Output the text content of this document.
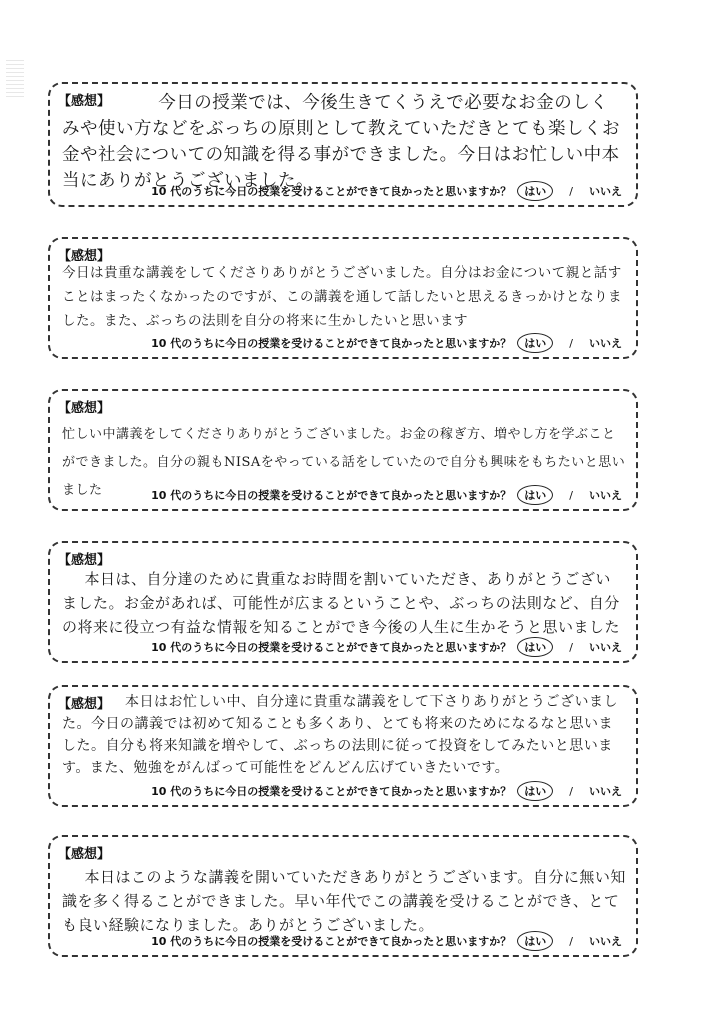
【感想】	今日の授業では、今後生きてくうえで必要なお金のしくみや使い方などをぶっちの原則として教えていただきとても楽しくお金や社会についての知識を得る事ができました。今日はお忙しい中本当にありがとうございました。
10 代のうちに今日の授業を受けることができて良かったと思いますか？	はい	/ いいえ
【感想】
今日は貴重な講義をしてくださりありがとうございました。自分はお金について親と話すことはまったくなかったのですが、この講義を通して話したいと思えるきっかけとなりました。また、ぶっちの法則を自分の将来に生かしたいと思います
10 代のうちに今日の授業を受けることができて良かったと思いますか？	はい	/ いいえ
【感想】
忙しい中講義をしてくださりありがとうございました。お金の稼ぎ方、増やし方を学ぶことができました。自分の親もNISAをやっている話をしていたので自分も興味をもちたいと思いました	10 代のうちに今日の授業を受けることができて良かったと思いますか？	はい	/ いいえ
【感想】
本日は、自分達のために貴重なお時間を割いていただき、ありがとうございました。お金があれば、可能性が広まるということや、ぶっちの法則など、自分の将来に役立つ有益な情報を知ることができ今後の人生に生かそうと思いました
10 代のうちに今日の授業を受けることができて良かったと思いますか？	はい	/ いいえ
【感想】	本日はお忙しい中、自分達に貴重な講義をして下さりありがとうございました。今日の講義では初めて知ることも多くあり、とても将来のためになるなと思いました。自分も将来知識を増やして、ぶっちの法則に従って投資をしてみたいと思います。また、勉強をがんばって可能性をどんどん広げていきたいです。
10 代のうちに今日の授業を受けることができて良かったと思いますか？	はい	/ いいえ
【感想】
本日はこのような講義を開いていただきありがとうございます。自分に無い知識を多く得ることができました。早い年代でこの講義を受けることができ、とても良い経験になりました。ありがとうございました。
10 代のうちに今日の授業を受けることができて良かったと思いますか？	はい	/ いいえ
